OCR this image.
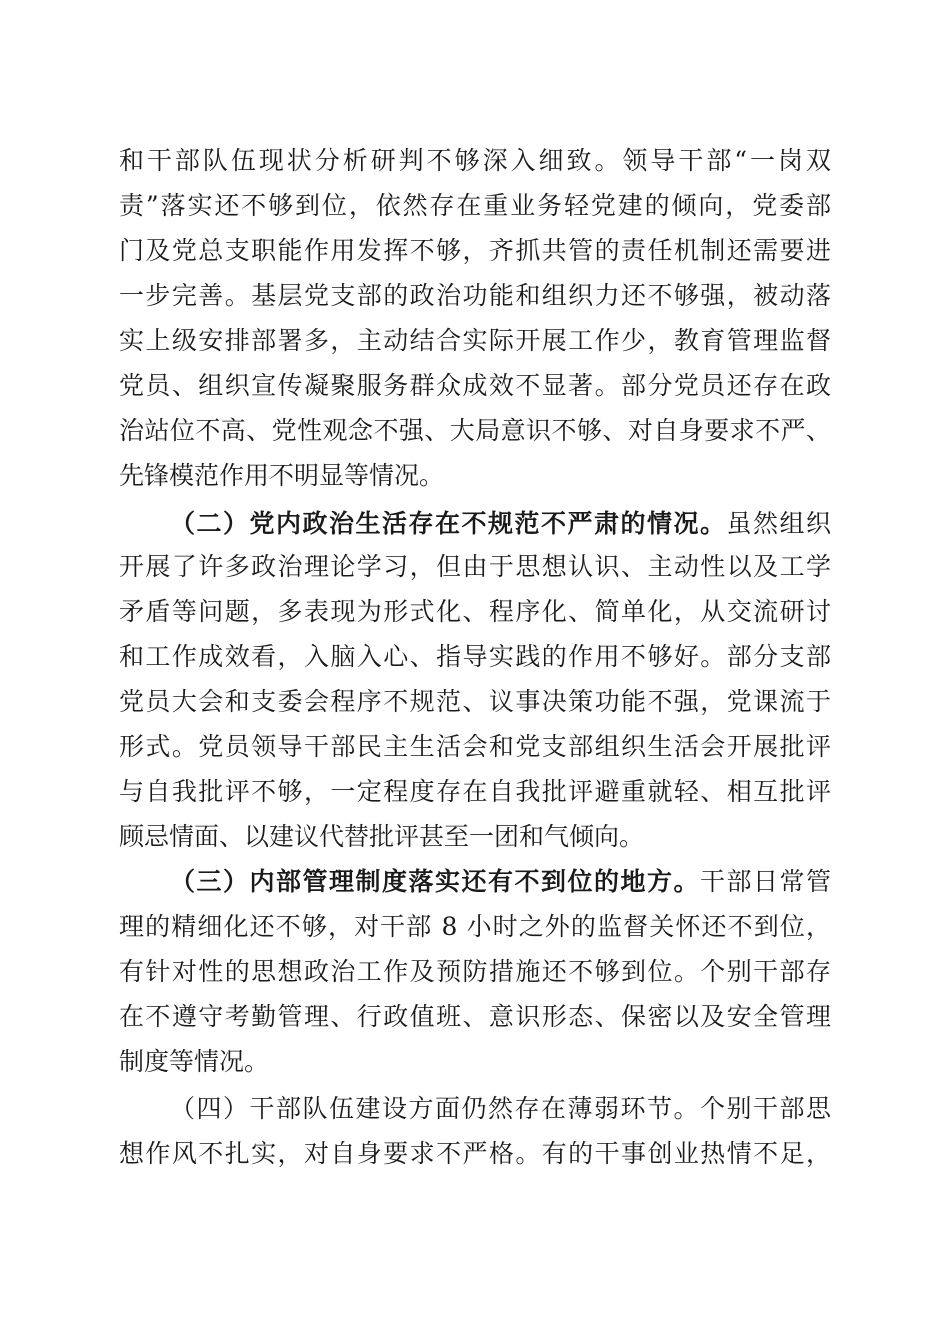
和干部队伍现状分析研判不够深入细致。领导干部“一岗双
责”落实还不够到位，依然存在重业务轻党建的倾向，党委部
门及党总支职能作用发挥不够，齐抓共管的责任机制还需要进
一步完善。基层党支部的政治功能和组织力还不够强，被动落
实上级安排部署多，主动结合实际开展工作少，教育管理监督
党员、组织宣传凝聚服务群众成效不显著。部分党员还存在政
治站位不高、党性观念不强、大局意识不够、对自身要求不严、
先锋模范作用不明显等情况。
（二）党内政治生活存在不规范不严肃的情况。虽然组织
开展了许多政治理论学习，但由于思想认识、主动性以及工学
矛盾等问题，多表现为形式化、程序化、简单化，从交流研讨
和工作成效看，入脑入心、指导实践的作用不够好。部分支部
党员大会和支委会程序不规范、议事决策功能不强，党课流于
形式。党员领导干部民主生活会和党支部组织生活会开展批评
与自我批评不够，一定程度存在自我批评避重就轻、相互批评
顾忌情面、以建议代替批评甚至一团和气倾向。
（三）内部管理制度落实还有不到位的地方。干部日常管
理的精细化还不够，对干部 8 小时之外的监督关怀还不到位，
有针对性的思想政治工作及预防措施还不够到位。个别干部存
在不遵守考勤管理、行政值班、意识形态、保密以及安全管理
制度等情况。
（四）干部队伍建设方面仍然存在薄弱环节。个别干部思
想作风不扎实，对自身要求不严格。有的干事创业热情不足，
